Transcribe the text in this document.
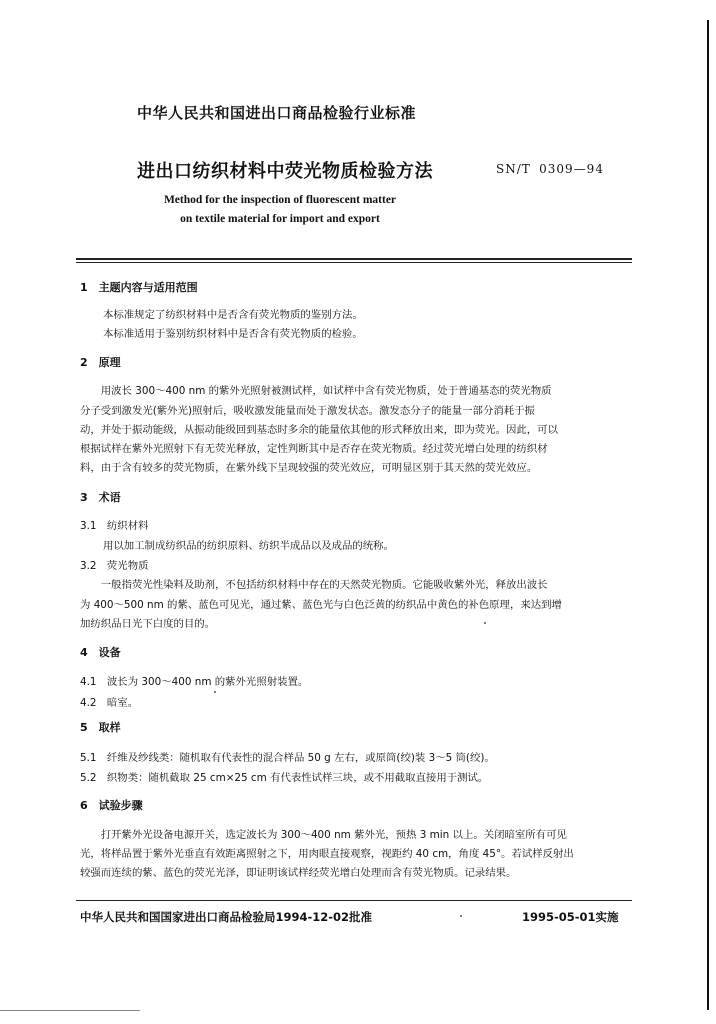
中华人民共和国进出口商品检验行业标准
进出口纺织材料中荧光物质检验方法	SN/T 0309—94
Method for the inspection of fluorescent matter
on textile material for import and export
1　主题内容与适用范围
本标准规定了纺织材料中是否含有荧光物质的鉴别方法。
本标准适用于鉴别纺织材料中是否含有荧光物质的检验。
2　原理
　　用波长 300～400 nm 的紫外光照射被测试样，如试样中含有荧光物质，处于普通基态的荧光物质
分子受到激发光(紫外光)照射后，吸收激发能量而处于激发状态。激发态分子的能量一部分消耗于振
动，并处于振动能级，从振动能级回到基态时多余的能量依其他的形式释放出来，即为荧光。因此，可以
根据试样在紫外光照射下有无荧光释放，定性判断其中是否存在荧光物质。经过荧光增白处理的纺织材
料，由于含有较多的荧光物质，在紫外线下呈现较强的荧光效应，可明显区别于其天然的荧光效应。
3　术语
3.1　纺织材料
用以加工制成纺织品的纺织原料、纺织半成品以及成品的统称。
3.2　荧光物质
　　一般指荧光性染料及助剂，不包括纺织材料中存在的天然荧光物质。它能吸收紫外光，释放出波长
为 400～500 nm 的紫、蓝色可见光，通过紫、蓝色光与白色泛黄的纺织品中黄色的补色原理，来达到增
加纺织品日光下白度的目的。
4　设备
4.1　波长为 300～400 nm 的紫外光照射装置。
4.2　暗室。
5　取样
5.1　纤维及纱线类：随机取有代表性的混合样品 50 g 左右，或原筒(绞)装 3～5 筒(绞)。
5.2　织物类：随机截取 25 cm×25 cm 有代表性试样三块，或不用截取直接用于测试。
6　试验步骤
　　打开紫外光设备电源开关，选定波长为 300～400 nm 紫外光，预热 3 min 以上。关闭暗室所有可见
光，将样品置于紫外光垂直有效距离照射之下，用肉眼直接观察，视距约 40 cm，角度 45°。若试样反射出
较强而连续的紫、蓝色的荧光光泽，即证明该试样经荧光增白处理而含有荧光物质。记录结果。
中华人民共和国国家进出口商品检验局1994-12-02批准	1995-05-01实施
